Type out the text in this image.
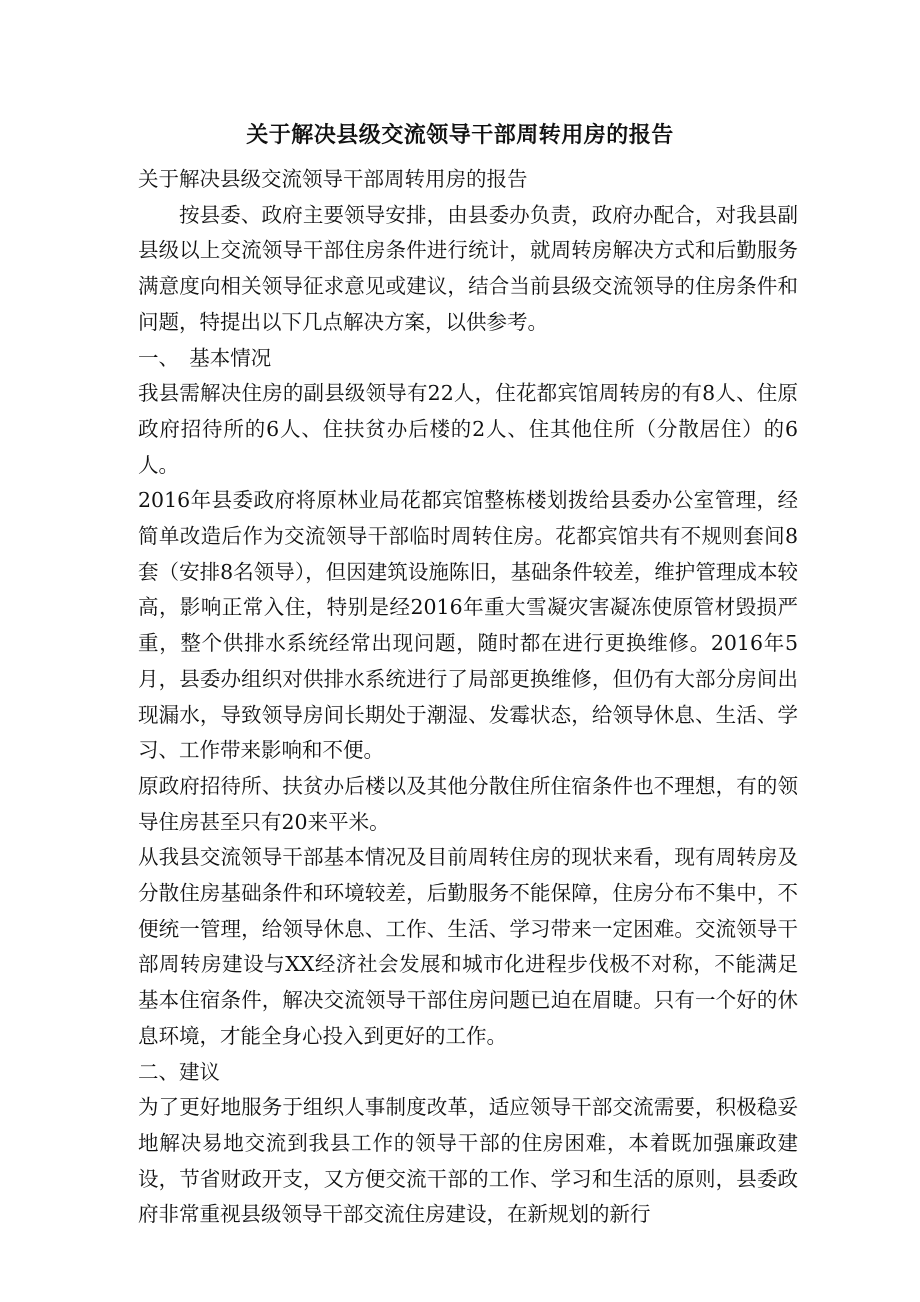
关于解决县级交流领导干部周转用房的报告

关于解决县级交流领导干部周转用房的报告

按县委、政府主要领导安排，由县委办负责，政府办配合，对我县副县级以上交流领导干部住房条件进行统计，就周转房解决方式和后勤服务满意度向相关领导征求意见或建议，结合当前县级交流领导的住房条件和问题，特提出以下几点解决方案，以供参考。

一、　基本情况

我县需解决住房的副县级领导有22人，住花都宾馆周转房的有8人、住原政府招待所的6人、住扶贫办后楼的2人、住其他住所（分散居住）的6人。

2016年县委政府将原林业局花都宾馆整栋楼划拨给县委办公室管理，经简单改造后作为交流领导干部临时周转住房。花都宾馆共有不规则套间8套（安排8名领导），但因建筑设施陈旧，基础条件较差，维护管理成本较高，影响正常入住，特别是经2016年重大雪凝灾害凝冻使原管材毁损严重，整个供排水系统经常出现问题，随时都在进行更换维修。2016年5月，县委办组织对供排水系统进行了局部更换维修，但仍有大部分房间出现漏水，导致领导房间长期处于潮湿、发霉状态，给领导休息、生活、学习、工作带来影响和不便。

原政府招待所、扶贫办后楼以及其他分散住所住宿条件也不理想，有的领导住房甚至只有20来平米。

从我县交流领导干部基本情况及目前周转住房的现状来看，现有周转房及分散住房基础条件和环境较差，后勤服务不能保障，住房分布不集中，不便统一管理，给领导休息、工作、生活、学习带来一定困难。交流领导干部周转房建设与XX经济社会发展和城市化进程步伐极不对称，不能满足基本住宿条件，解决交流领导干部住房问题已迫在眉睫。只有一个好的休息环境，才能全身心投入到更好的工作。

二、建议

为了更好地服务于组织人事制度改革，适应领导干部交流需要，积极稳妥地解决易地交流到我县工作的领导干部的住房困难，本着既加强廉政建设，节省财政开支，又方便交流干部的工作、学习和生活的原则，县委政府非常重视县级领导干部交流住房建设，在新规划的新行
